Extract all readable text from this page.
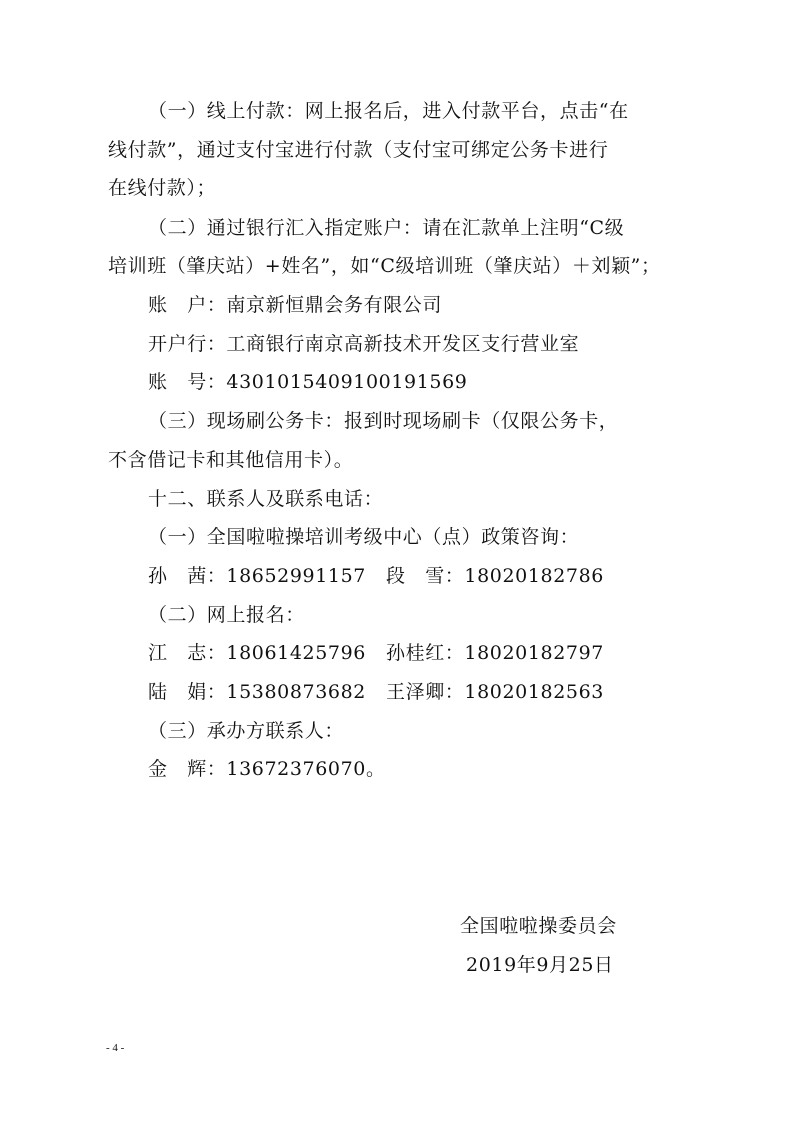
（一）线上付款：网上报名后，进入付款平台，点击“在
线付款”，通过支付宝进行付款（支付宝可绑定公务卡进行
在线付款）；
（二）通过银行汇入指定账户：请在汇款单上注明“C级
培训班（肇庆站）+姓名”，如“C级培训班（肇庆站）＋刘颖”；
账　户：南京新恒鼎会务有限公司
开户行：工商银行南京高新技术开发区支行营业室
账　号：4301015409100191569
（三）现场刷公务卡：报到时现场刷卡（仅限公务卡，
不含借记卡和其他信用卡）。
十二、联系人及联系电话：
（一）全国啦啦操培训考级中心（点）政策咨询：
孙　茜：18652991157 段　雪：18020182786
（二）网上报名：
江　志：18061425796 孙桂红：18020182797
陆　娟：15380873682 王泽卿：18020182563
（三）承办方联系人：
金　辉：13672376070。
全国啦啦操委员会
2019年9月25日
- 4 -
